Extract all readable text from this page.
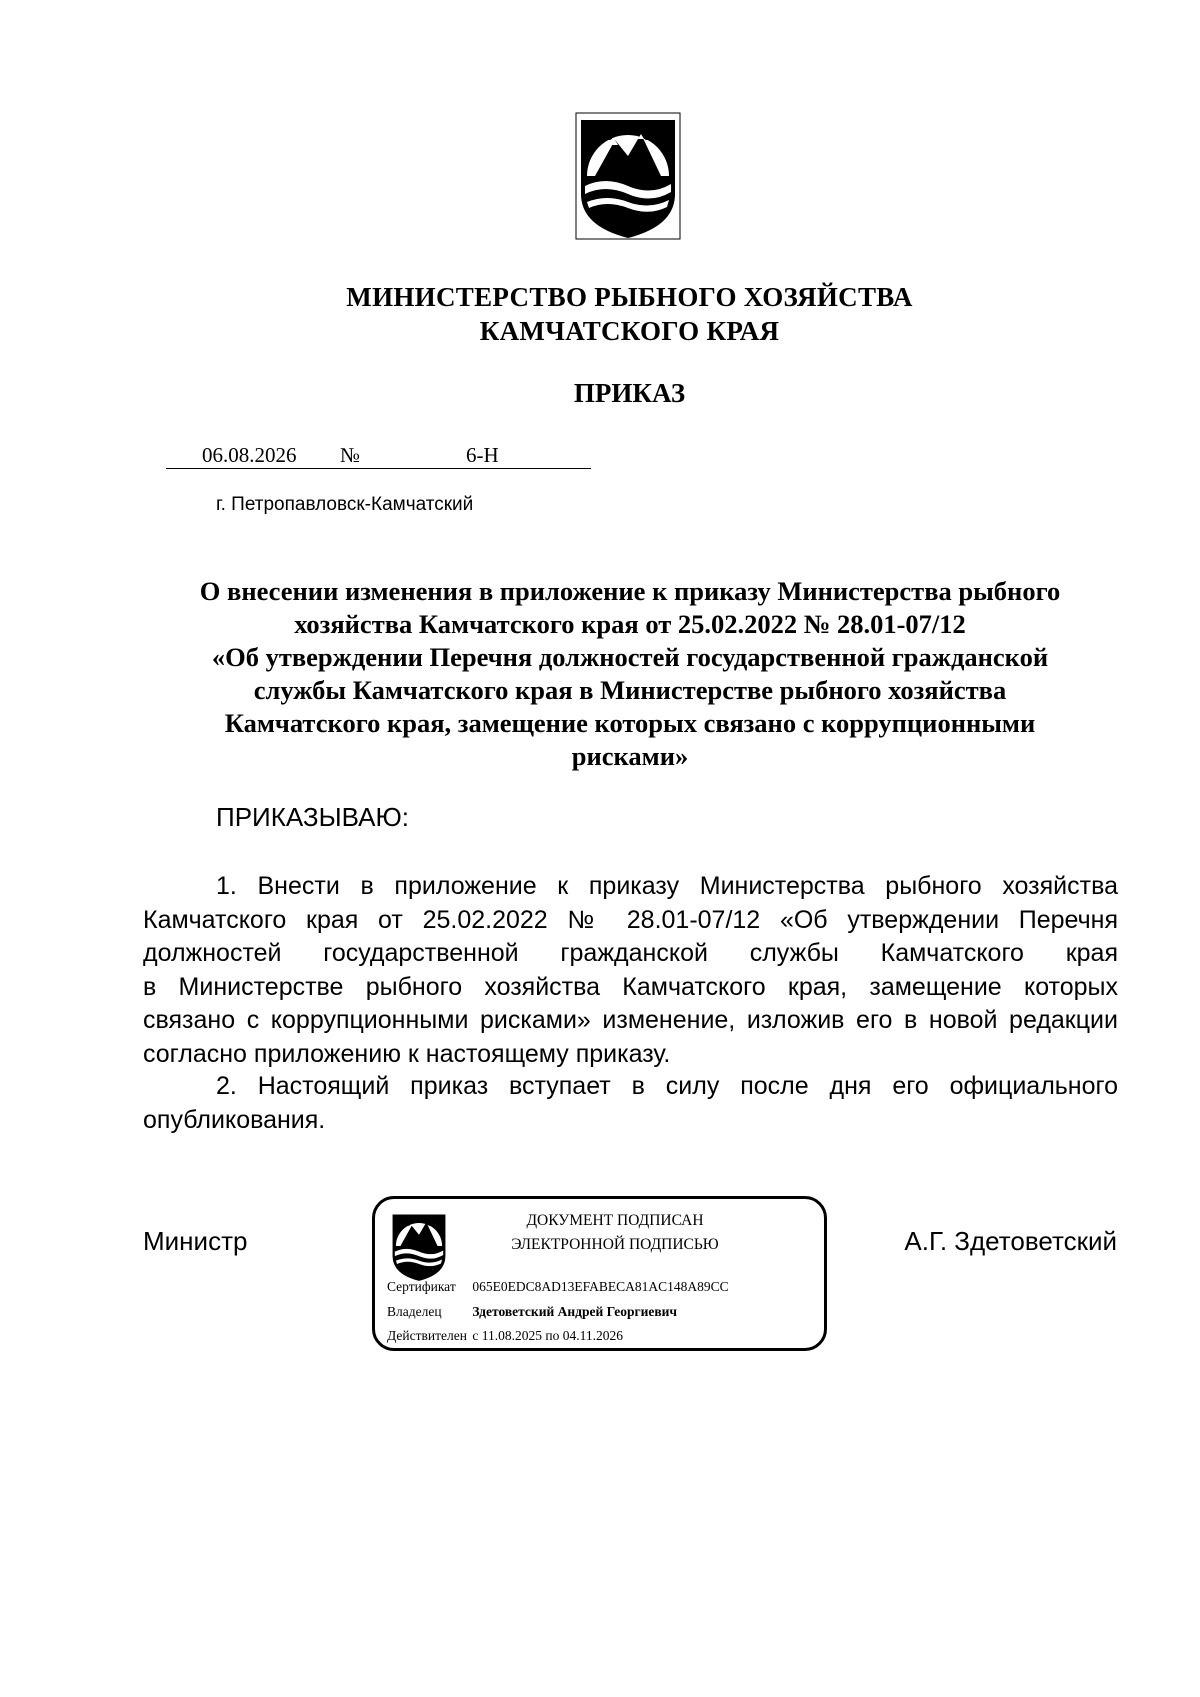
МИНИСТЕРСТВО РЫБНОГО ХОЗЯЙСТВА
КАМЧАТСКОГО КРАЯ
ПРИКАЗ
06.08.2026 №	6-Н
г. Петропавловск-Камчатский
О внесении изменения в приложение к приказу Министерства рыбного
хозяйства Камчатского края от 25.02.2022 № 28.01-07/12
«Об утверждении Перечня должностей государственной гражданской
службы Камчатского края в Министерстве рыбного хозяйства
Камчатского края, замещение которых связано с коррупционными
рисками»
ПРИКАЗЫВАЮ:
1. Внести в приложение к приказу Министерства рыбного хозяйства
Камчатского края от 25.02.2022 № 28.01-07/12 «Об утверждении Перечня
должностей государственной гражданской службы Камчатского края
в Министерстве рыбного хозяйства Камчатского края, замещение которых
связано с коррупционными рисками» изменение, изложив его в новой редакции
согласно приложению к настоящему приказу.
2. Настоящий приказ вступает в силу после дня его официального
опубликования.
Министр
ДОКУМЕНТ ПОДПИСАН
ЭЛЕКТРОННОЙ ПОДПИСЬЮ
Сертификат 065E0EDC8AD13EFABECA81AC148A89CC
Владелец Здетоветский Андрей Георгиевич
Действителен с 11.08.2025 по 04.11.2026
А.Г. Здетоветский
